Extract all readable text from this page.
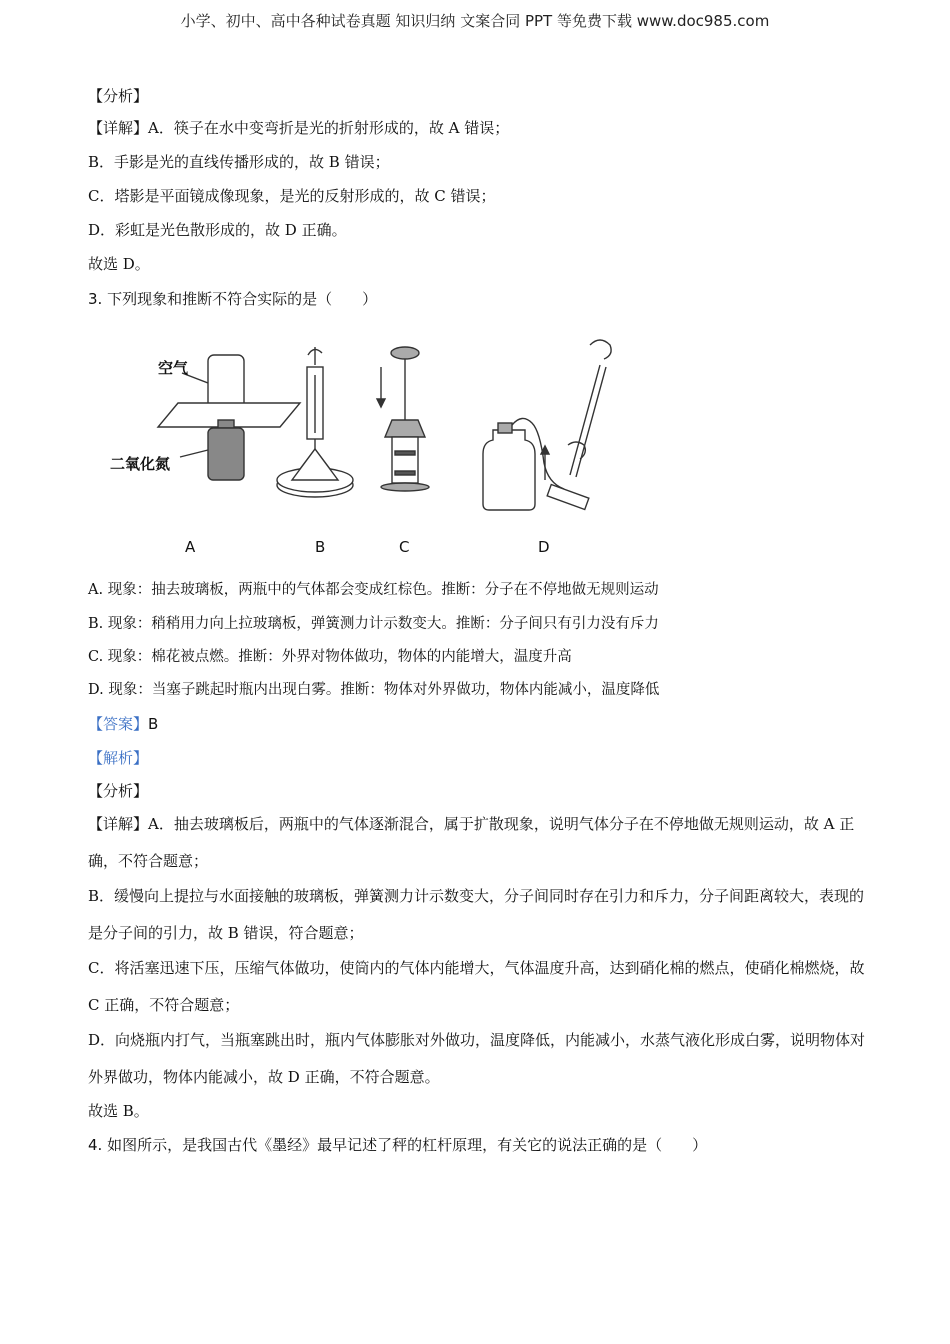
小学、初中、高中各种试卷真题 知识归纳 文案合同 PPT 等免费下载 www.doc985.com
【分析】
【详解】A．筷子在水中变弯折是光的折射形成的，故 A 错误；
B．手影是光的直线传播形成的，故 B 错误；
C．塔影是平面镜成像现象，是光的反射形成的，故 C 错误；
D．彩虹是光色散形成的，故 D 正确。
故选 D。
3. 下列现象和推断不符合实际的是（　　）
空气
二氧化氮
A	B	C	D
A. 现象：抽去玻璃板，两瓶中的气体都会变成红棕色。推断：分子在不停地做无规则运动
B. 现象：稍稍用力向上拉玻璃板，弹簧测力计示数变大。推断：分子间只有引力没有斥力
C. 现象：棉花被点燃。推断：外界对物体做功，物体的内能增大，温度升高
D. 现象：当塞子跳起时瓶内出现白雾。推断：物体对外界做功，物体内能减小，温度降低
【答案】B
【解析】
【分析】
【详解】A．抽去玻璃板后，两瓶中的气体逐渐混合，属于扩散现象，说明气体分子在不停地做无规则运动，故 A 正确，不符合题意；
B．缓慢向上提拉与水面接触的玻璃板，弹簧测力计示数变大，分子间同时存在引力和斥力，分子间距离较大，表现的是分子间的引力，故 B 错误，符合题意；
C．将活塞迅速下压，压缩气体做功，使筒内的气体内能增大，气体温度升高，达到硝化棉的燃点，使硝化棉燃烧，故 C 正确，不符合题意；
D．向烧瓶内打气，当瓶塞跳出时，瓶内气体膨胀对外做功，温度降低，内能减小，水蒸气液化形成白雾，说明物体对外界做功，物体内能减小，故 D 正确，不符合题意。
故选 B。
4. 如图所示，是我国古代《墨经》最早记述了秤的杠杆原理，有关它的说法正确的是（　　）
